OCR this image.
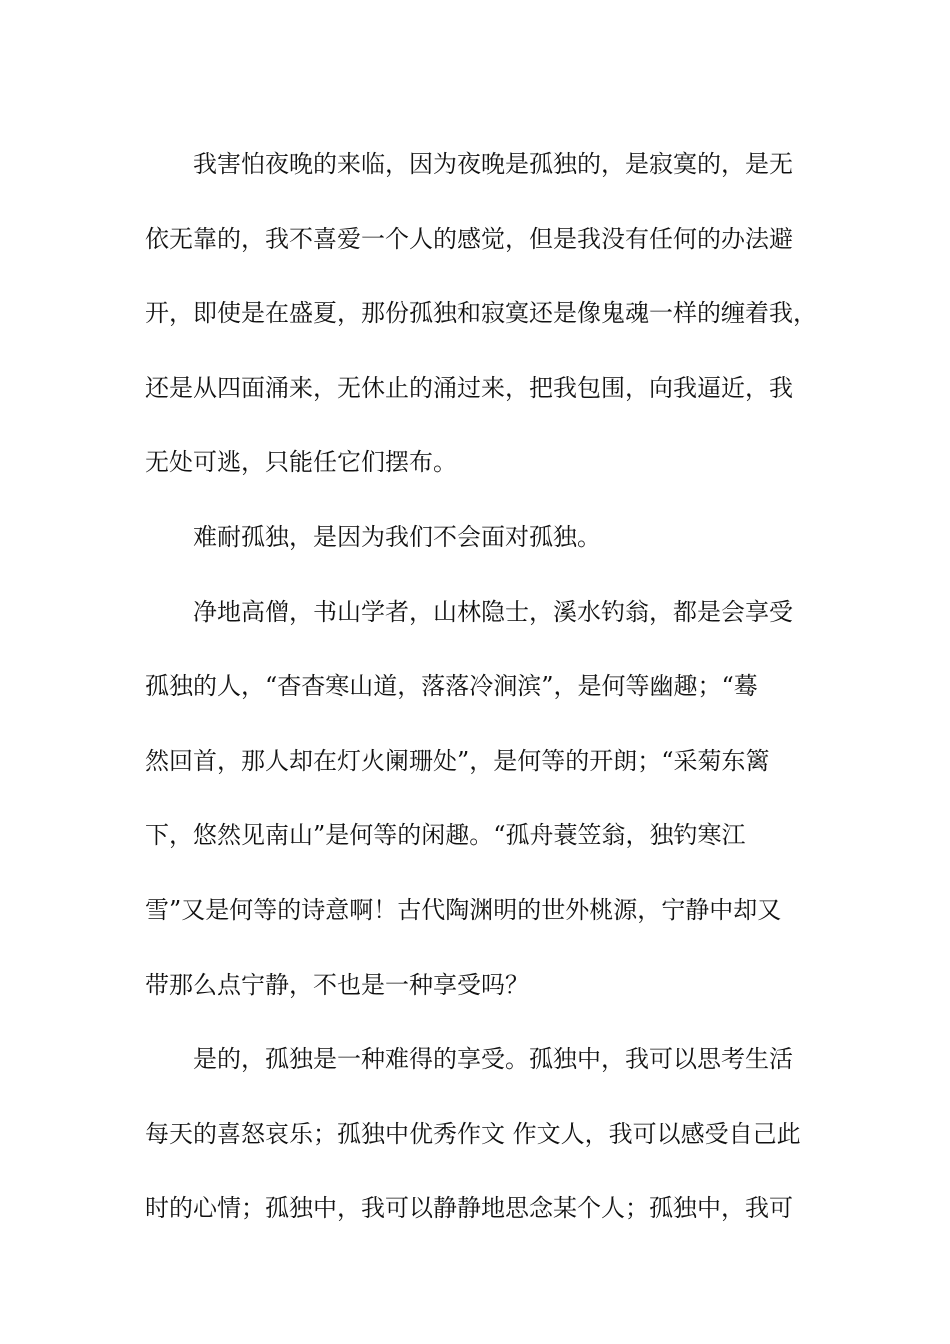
我害怕夜晚的来临，因为夜晚是孤独的，是寂寞的，是无
依无靠的，我不喜爱一个人的感觉，但是我没有任何的办法避
开，即使是在盛夏，那份孤独和寂寞还是像鬼魂一样的缠着我，
还是从四面涌来，无休止的涌过来，把我包围，向我逼近，我
无处可逃，只能任它们摆布。
难耐孤独，是因为我们不会面对孤独。
净地高僧，书山学者，山林隐士，溪水钓翁，都是会享受
孤独的人，“杳杳寒山道，落落冷涧滨”，是何等幽趣；“蓦
然回首，那人却在灯火阑珊处”，是何等的开朗；“采菊东篱
下，悠然见南山”是何等的闲趣。“孤舟蓑笠翁，独钓寒江
雪”又是何等的诗意啊！古代陶渊明的世外桃源，宁静中却又
带那么点宁静，不也是一种享受吗？
是的，孤独是一种难得的享受。孤独中，我可以思考生活
每天的喜怒哀乐；孤独中优秀作文 作文人，我可以感受自己此
时的心情；孤独中，我可以静静地思念某个人；孤独中，我可
